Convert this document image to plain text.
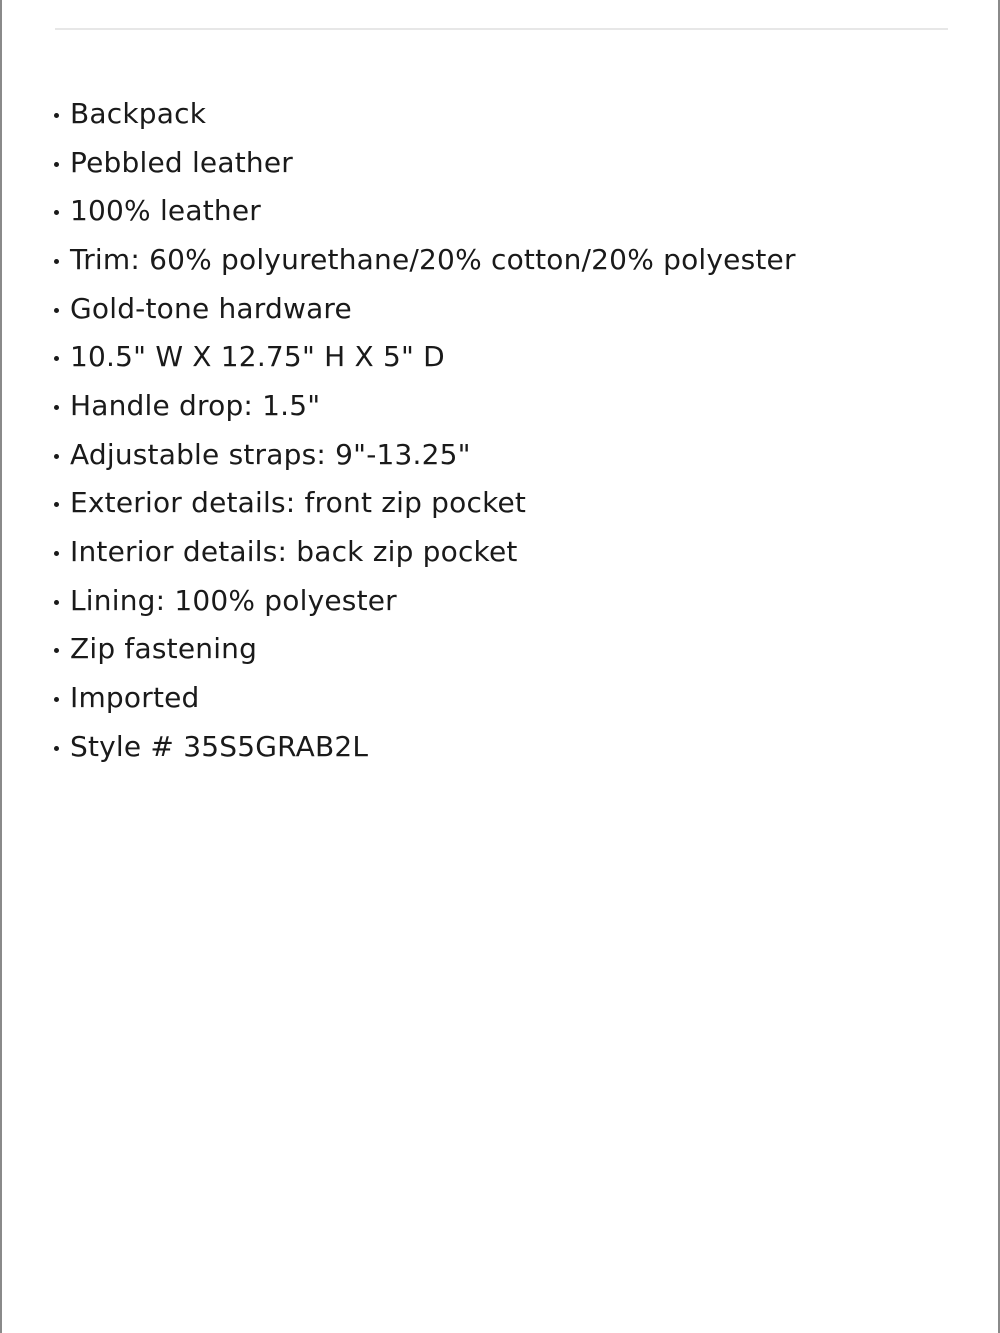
Backpack
Pebbled leather
100% leather
Trim: 60% polyurethane/20% cotton/20% polyester
Gold-tone hardware
10.5" W X 12.75" H X 5" D
Handle drop: 1.5"
Adjustable straps: 9"-13.25"
Exterior details: front zip pocket
Interior details: back zip pocket
Lining: 100% polyester
Zip fastening
Imported
Style # 35S5GRAB2L
